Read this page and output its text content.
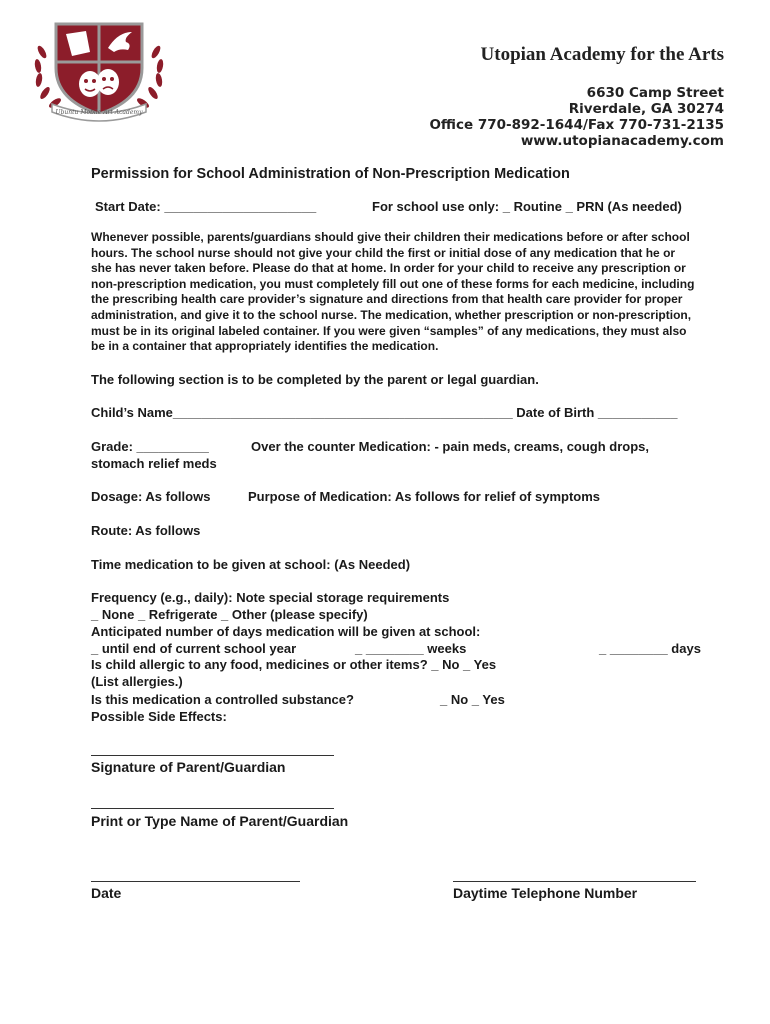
Ubuntu Mobile Art Academy
Utopian Academy for the Arts
6630 Camp Street
Riverdale, GA 30274
Office 770-892-1644/Fax 770-731-2135
www.utopianacademy.com
Permission for School Administration of Non-Prescription Medication
Start Date: _____________________	For school use only: _ Routine _ PRN (As needed)
Whenever possible, parents/guardians should give their children their medications before or after school
hours. The school nurse should not give your child the first or initial dose of any medication that he or
she has never taken before. Please do that at home. In order for your child to receive any prescription or
non-prescription medication, you must completely fill out one of these forms for each medicine, including
the prescribing health care provider’s signature and directions from that health care provider for proper
administration, and give it to the school nurse. The medication, whether prescription or non-prescription,
must be in its original labeled container. If you were given “samples” of any medications, they must also
be in a container that appropriately identifies the medication.
The following section is to be completed by the parent or legal guardian.
Child’s Name_______________________________________________ Date of Birth ___________
Grade: __________	Over the counter Medication: - pain meds, creams, cough drops,
stomach relief meds
Dosage: As follows	Purpose of Medication: As follows for relief of symptoms
Route: As follows
Time medication to be given at school: (As Needed)
Frequency (e.g., daily): Note special storage requirements
_ None _ Refrigerate _ Other (please specify)
Anticipated number of days medication will be given at school:
_ until end of current school year	_ ________ weeks	_ ________ days
Is child allergic to any food, medicines or other items? _ No _ Yes
(List allergies.)
Is this medication a controlled substance?	_ No _ Yes
Possible Side Effects:
Signature of Parent/Guardian
Print or Type Name of Parent/Guardian
Date	Daytime Telephone Number
